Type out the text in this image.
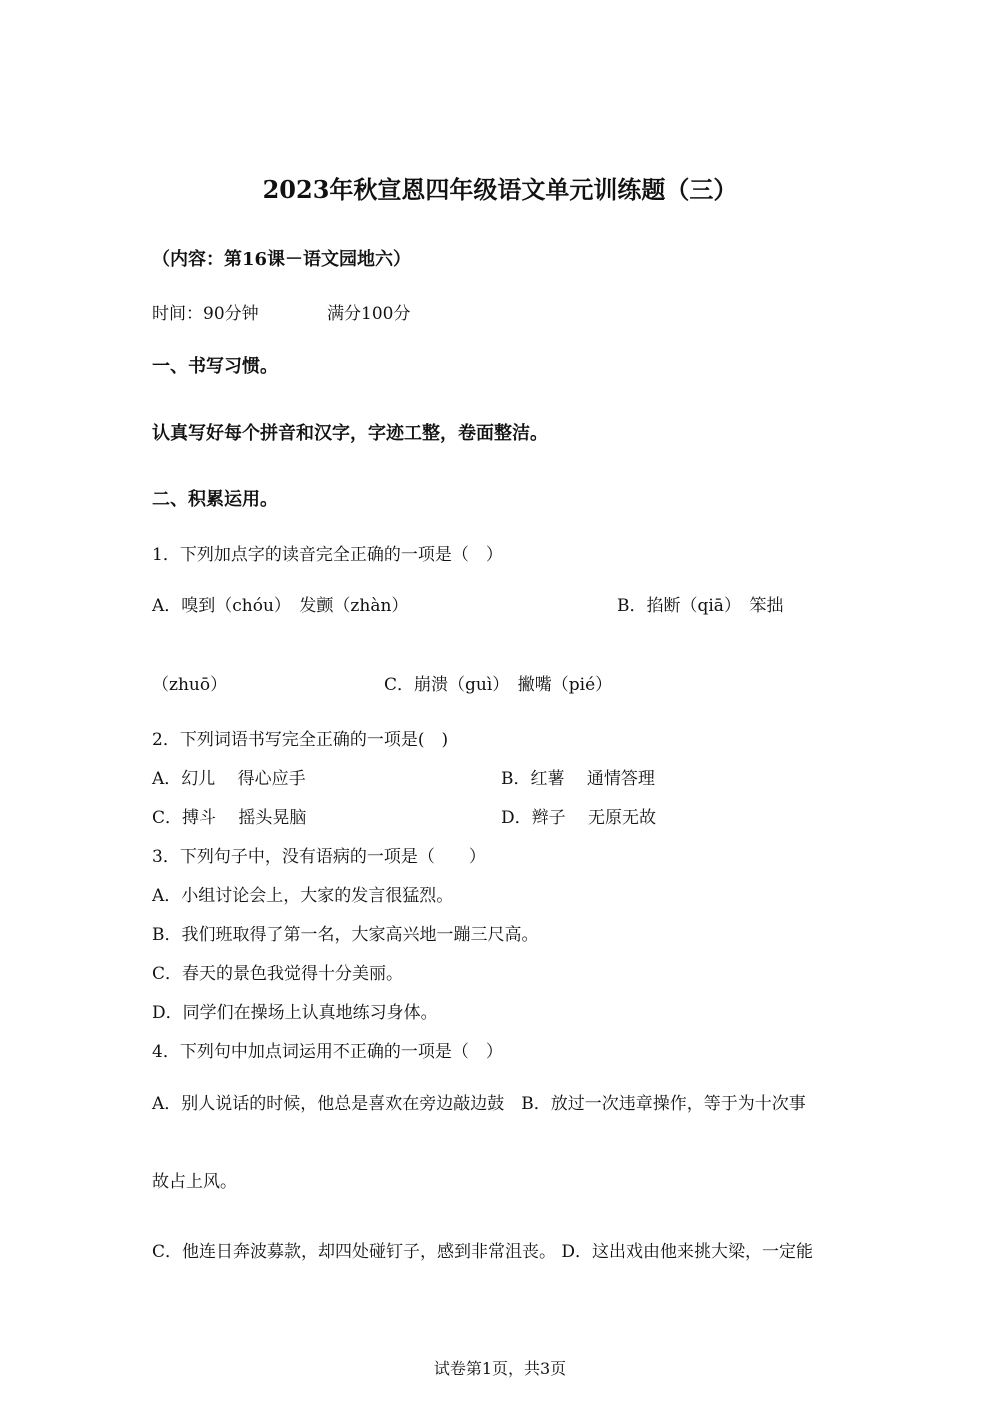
2023年秋宣恩四年级语文单元训练题（三）
（内容：第16课－语文园地六）
时间：90分钟	满分100分
一、书写习惯。
认真写好每个拼音和汉字，字迹工整，卷面整洁。
二、积累运用。
1．下列加点字的读音完全正确的一项是（　）
A．嗅到（chóu）　发颤（zhàn）	B．掐断（qiā）　笨拙
（zhuō）	C．崩溃（guì）　撇嘴（pié）
2．下列词语书写完全正确的一项是(　)
A．幻儿　 得心应手	B．红薯　 通情答理
C．搏斗　 摇头晃脑	D．辫子　 无原无故
3．下列句子中，没有语病的一项是（　　）
A．小组讨论会上，大家的发言很猛烈。
B．我们班取得了第一名，大家高兴地一蹦三尺高。
C．春天的景色我觉得十分美丽。
D．同学们在操场上认真地练习身体。
4．下列句中加点词运用不正确的一项是（　）
A．别人说话的时候，他总是喜欢在旁边敲边鼓　B．放过一次违章操作，等于为十次事
故占上风。
C．他连日奔波募款，却四处碰钉子，感到非常沮丧。 D．这出戏由他来挑大梁，一定能
试卷第1页，共3页
